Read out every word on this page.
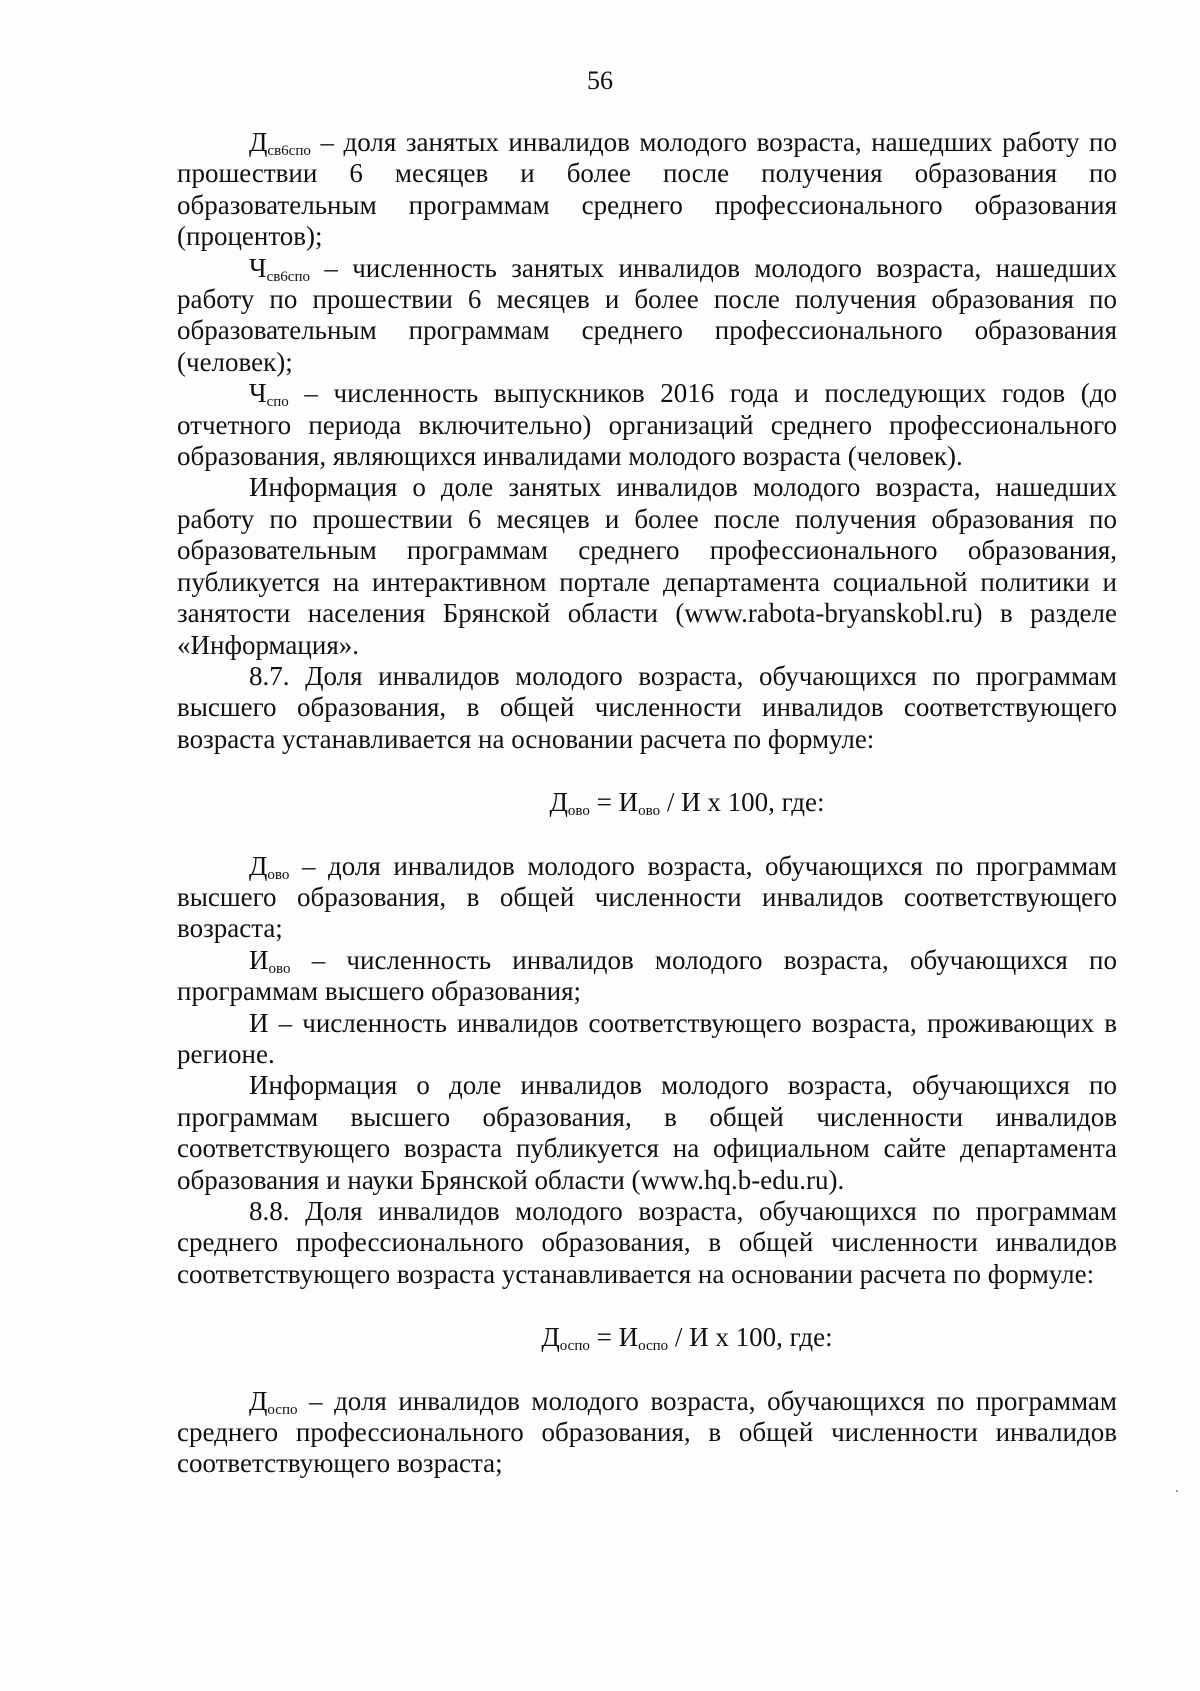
56

$Д_{св6спо}$ – доля занятых инвалидов молодого возраста, нашедших работу по прошествии 6 месяцев и более после получения образования по образовательным программам среднего профессионального образования (процентов);

$Ч_{св6спо}$ – численность занятых инвалидов молодого возраста, нашедших работу по прошествии 6 месяцев и более после получения образования по образовательным программам среднего профессионального образования (человек);

$Ч_{спо}$ – численность выпускников 2016 года и последующих годов (до отчетного периода включительно) организаций среднего профессионального образования, являющихся инвалидами молодого возраста (человек).

Информация о доле занятых инвалидов молодого возраста, нашедших работу по прошествии 6 месяцев и более после получения образования по образовательным программам среднего профессионального образования, публикуется на интерактивном портале департамента социальной политики и занятости населения Брянской области (www.rabota-bryanskobl.ru) в разделе «Информация».

8.7. Доля инвалидов молодого возраста, обучающихся по программам высшего образования, в общей численности инвалидов соответствующего возраста устанавливается на основании расчета по формуле:

$Д_{ово} = И_{ово} / И$ х 100, где:

$Д_{ово}$ – доля инвалидов молодого возраста, обучающихся по программам высшего образования, в общей численности инвалидов соответствующего возраста;

$И_{ово}$ – численность инвалидов молодого возраста, обучающихся по программам высшего образования;

И – численность инвалидов соответствующего возраста, проживающих в регионе.

Информация о доле инвалидов молодого возраста, обучающихся по программам высшего образования, в общей численности инвалидов соответствующего возраста публикуется на официальном сайте департамента образования и науки Брянской области (www.hq.b-edu.ru).

8.8. Доля инвалидов молодого возраста, обучающихся по программам среднего профессионального образования, в общей численности инвалидов соответствующего возраста устанавливается на основании расчета по формуле:

$Д_{оспо} = И_{оспо} / И$ х 100, где:

$Д_{оспо}$ – доля инвалидов молодого возраста, обучающихся по программам среднего профессионального образования, в общей численности инвалидов соответствующего возраста;
